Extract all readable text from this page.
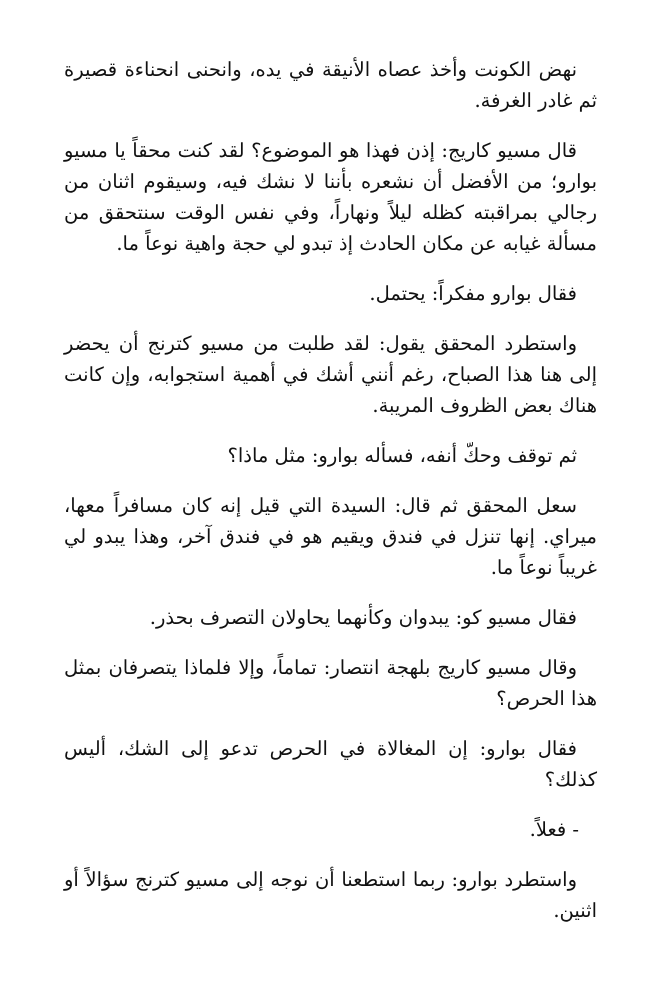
نهض الكونت وأخذ عصاه الأنيقة في يده، وانحنى انحناءة قصيرة ثم غادر الغرفة.

قال مسيو كاريج: إذن فهذا هو الموضوع؟ لقد كنت محقاً يا مسيو بوارو؛ من الأفضل أن نشعره بأننا لا نشك فيه، وسيقوم اثنان من رجالي بمراقبته كظله ليلاً ونهاراً، وفي نفس الوقت سنتحقق من مسألة غيابه عن مكان الحادث إذ تبدو لي حجة واهية نوعاً ما.

فقال بوارو مفكراً: يحتمل.

واستطرد المحقق يقول: لقد طلبت من مسيو كترنج أن يحضر إلى هنا هذا الصباح، رغم أنني أشك في أهمية استجوابه، وإن كانت هناك بعض الظروف المريبة.

ثم توقف وحكّ أنفه، فسأله بوارو: مثل ماذا؟

سعل المحقق ثم قال: السيدة التي قيل إنه كان مسافراً معها، ميراي. إنها تنزل في فندق ويقيم هو في فندق آخر، وهذا يبدو لي غريباً نوعاً ما.

فقال مسيو كو: يبدوان وكأنهما يحاولان التصرف بحذر.

وقال مسيو كاريج بلهجة انتصار: تماماً، وإلا فلماذا يتصرفان بمثل هذا الحرص؟

فقال بوارو: إن المغالاة في الحرص تدعو إلى الشك، أليس كذلك؟

- فعلاً.

واستطرد بوارو: ربما استطعنا أن نوجه إلى مسيو كترنج سؤالاً أو اثنين.
